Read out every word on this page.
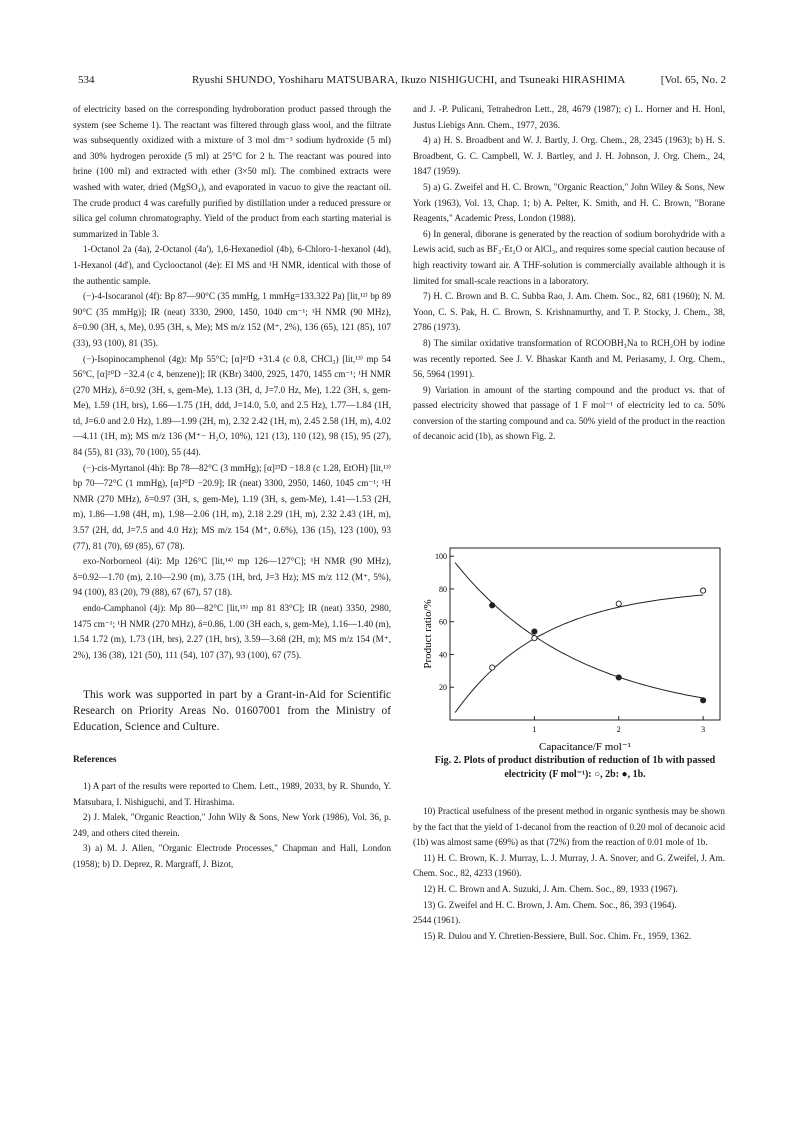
534	Ryushi SHUNDO, Yoshiharu MATSUBARA, Ikuzo NISHIGUCHI, and Tsuneaki HIRASHIMA	[Vol. 65, No. 2

of electricity based on the corresponding hydroboration product passed through the system (see Scheme 1). The reactant was filtered through glass wool, and the filtrate was subsequently oxidized with a mixture of 3 mol dm⁻³ sodium hydroxide (5 ml) and 30% hydrogen peroxide (5 ml) at 25°C for 2 h. The reactant was poured into brine (100 ml) and extracted with ether (3×50 ml). The combined extracts were washed with water, dried (MgSO₄), and evaporated in vacuo to give the reactant oil. The crude product 4 was carefully purified by distillation under a reduced pressure or silica gel column chromatography. Yield of the product from each starting material is summarized in Table 3.

1-Octanol 2a (4a), 2-Octanol (4a'), 1,6-Hexanediol (4b), 6-Chloro-1-hexanol (4d), 1-Hexanol (4d'), and Cyclooctanol (4e): EI MS and ¹H NMR, identical with those of the authentic sample.

(−)-4-Isocaranol (4f): Bp 87—90°C (35 mmHg, 1 mmHg=133.322 Pa) [lit,¹²⁾ bp 89 90°C (35 mmHg)]; IR (neat) 3330, 2900, 1450, 1040 cm⁻¹; ¹H NMR (90 MHz), δ=0.90 (3H, s, Me), 0.95 (3H, s, Me); MS m/z 152 (M⁺, 2%), 136 (65), 121 (85), 107 (33), 93 (100), 81 (35).

(−)-Isopinocamphenol (4g): Mp 55°C; [α]²³D +31.4 (c 0.8, CHCl₃) [lit,¹³⁾ mp 54 56°C, [α]²⁰D −32.4 (c 4, benzene)]; IR (KBr) 3400, 2925, 1470, 1455 cm⁻¹; ¹H NMR (270 MHz), δ=0.92 (3H, s, gem-Me), 1.13 (3H, d, J=7.0 Hz, Me), 1.22 (3H, s, gem-Me), 1.59 (1H, brs), 1.66—1.75 (1H, ddd, J=14.0, 5.0, and 2.5 Hz), 1.77—1.84 (1H, td, J=6.0 and 2.0 Hz), 1.89—1.99 (2H, m), 2.32 2.42 (1H, m), 2.45 2.58 (1H, m), 4.02—4.11 (1H, m); MS m/z 136 (M⁺− H₂O, 10%), 121 (13), 110 (12), 98 (15), 95 (27), 84 (55), 81 (33), 70 (100), 55 (44).

(−)-cis-Myrtanol (4h): Bp 78—82°C (3 mmHg); [α]²³D −18.8 (c 1.28, EtOH) [lit,¹³⁾ bp 70—72°C (1 mmHg), [α]²⁰D −20.9]; IR (neat) 3300, 2950, 1460, 1045 cm⁻¹; ¹H NMR (270 MHz), δ=0.97 (3H, s, gem-Me), 1.19 (3H, s, gem-Me), 1.41—1.53 (2H, m), 1.86—1.98 (4H, m), 1.98—2.06 (1H, m), 2.18 2.29 (1H, m), 2.32 2.43 (1H, m), 3.57 (2H, dd, J=7.5 and 4.0 Hz); MS m/z 154 (M⁺, 0.6%), 136 (15), 123 (100), 93 (77), 81 (70), 69 (85), 67 (78).

exo-Norborneol (4i): Mp 126°C [lit,¹⁴⁾ mp 126—127°C]; ¹H NMR (90 MHz), δ=0.92—1.70 (m), 2.10—2.90 (m), 3.75 (1H, brd, J=3 Hz); MS m/z 112 (M⁺, 5%), 94 (100), 83 (20), 79 (88), 67 (67), 57 (18).

endo-Camphanol (4j): Mp 80—82°C [lit,¹⁵⁾ mp 81 83°C]; IR (neat) 3350, 2980, 1475 cm⁻¹; ¹H NMR (270 MHz), δ=0.86, 1.00 (3H each, s, gem-Me), 1.16—1.40 (m), 1.54 1.72 (m), 1.73 (1H, brs), 2.27 (1H, brs), 3.59—3.68 (2H, m); MS m/z 154 (M⁺, 2%), 136 (38), 121 (50), 111 (54), 107 (37), 93 (100), 67 (75).

This work was supported in part by a Grant-in-Aid for Scientific Research on Priority Areas No. 01607001 from the Ministry of Education, Science and Culture.

References

1) A part of the results were reported to Chem. Lett., 1989, 2033, by R. Shundo, Y. Matsubara, I. Nishiguchi, and T. Hirashima.

2) J. Malek, "Organic Reaction," John Wily & Sons, New York (1986), Vol. 36, p. 249, and others cited therein.

3) a) M. J. Allen, "Organic Electrode Processes," Chapman and Hall, London (1958); b) D. Deprez, R. Margraff, J. Bizot,

and J. -P. Pulicani, Tetrahedron Lett., 28, 4679 (1987); c) L. Horner and H. Honl, Justus Liebigs Ann. Chem., 1977, 2036.

4) a) H. S. Broadbent and W. J. Bartly, J. Org. Chem., 28, 2345 (1963); b) H. S. Broadbent, G. C. Campbell, W. J. Bartley, and J. H. Johnson, J. Org. Chem., 24, 1847 (1959).

5) a) G. Zweifel and H. C. Brown, "Organic Reaction," John Wiley & Sons, New York (1963), Vol. 13, Chap. 1; b) A. Pelter, K. Smith, and H. C. Brown, "Borane Reagents," Academic Press, London (1988).

6) In general, diborane is generated by the reaction of sodium borohydride with a Lewis acid, such as BF₃·Et₂O or AlCl₃, and requires some special caution because of high reactivity toward air. A THF-solution is commercially available although it is limited for small-scale reactions in a laboratory.

7) H. C. Brown and B. C. Subba Rao, J. Am. Chem. Soc., 82, 681 (1960); N. M. Yoon, C. S. Pak, H. C. Brown, S. Krishnamurthy, and T. P. Stocky, J. Chem., 38, 2786 (1973).

8) The similar oxidative transformation of RCOOBH₃Na to RCH₂OH by iodine was recently reported. See J. V. Bhaskar Kanth and M. Periasamy, J. Org. Chem., 56, 5964 (1991).

9) Variation in amount of the starting compound and the product vs. that of passed electricity showed that passage of 1 F mol⁻¹ of electricity led to ca. 50% conversion of the starting compound and ca. 50% yield of the product in the reaction of decanoic acid (1b), as shown Fig. 2.

20
40
60
80
100
1	2	3
Product ratio/%
Capacitance/F mol⁻¹
Fig. 2. Plots of product distribution of reduction of 1b with passed electricity (F mol⁻¹): ○, 2b: ●, 1b.

10) Practical usefulness of the present method in organic synthesis may be shown by the fact that the yield of 1-decanol from the reaction of 0.20 mol of decanoic acid (1b) was almost same (69%) as that (72%) from the reaction of 0.01 mole of 1b.

11) H. C. Brown, K. J. Murray, L. J. Murray, J. A. Snover, and G. Zweifel, J. Am. Chem. Soc., 82, 4233 (1960).

12) H. C. Brown and A. Suzuki, J. Am. Chem. Soc., 89, 1933 (1967).

13) G. Zweifel and H. C. Brown, J. Am. Chem. Soc., 86, 393 (1964).

2544 (1961).

15) R. Dulou and Y. Chretien-Bessiere, Bull. Soc. Chim. Fr., 1959, 1362.
